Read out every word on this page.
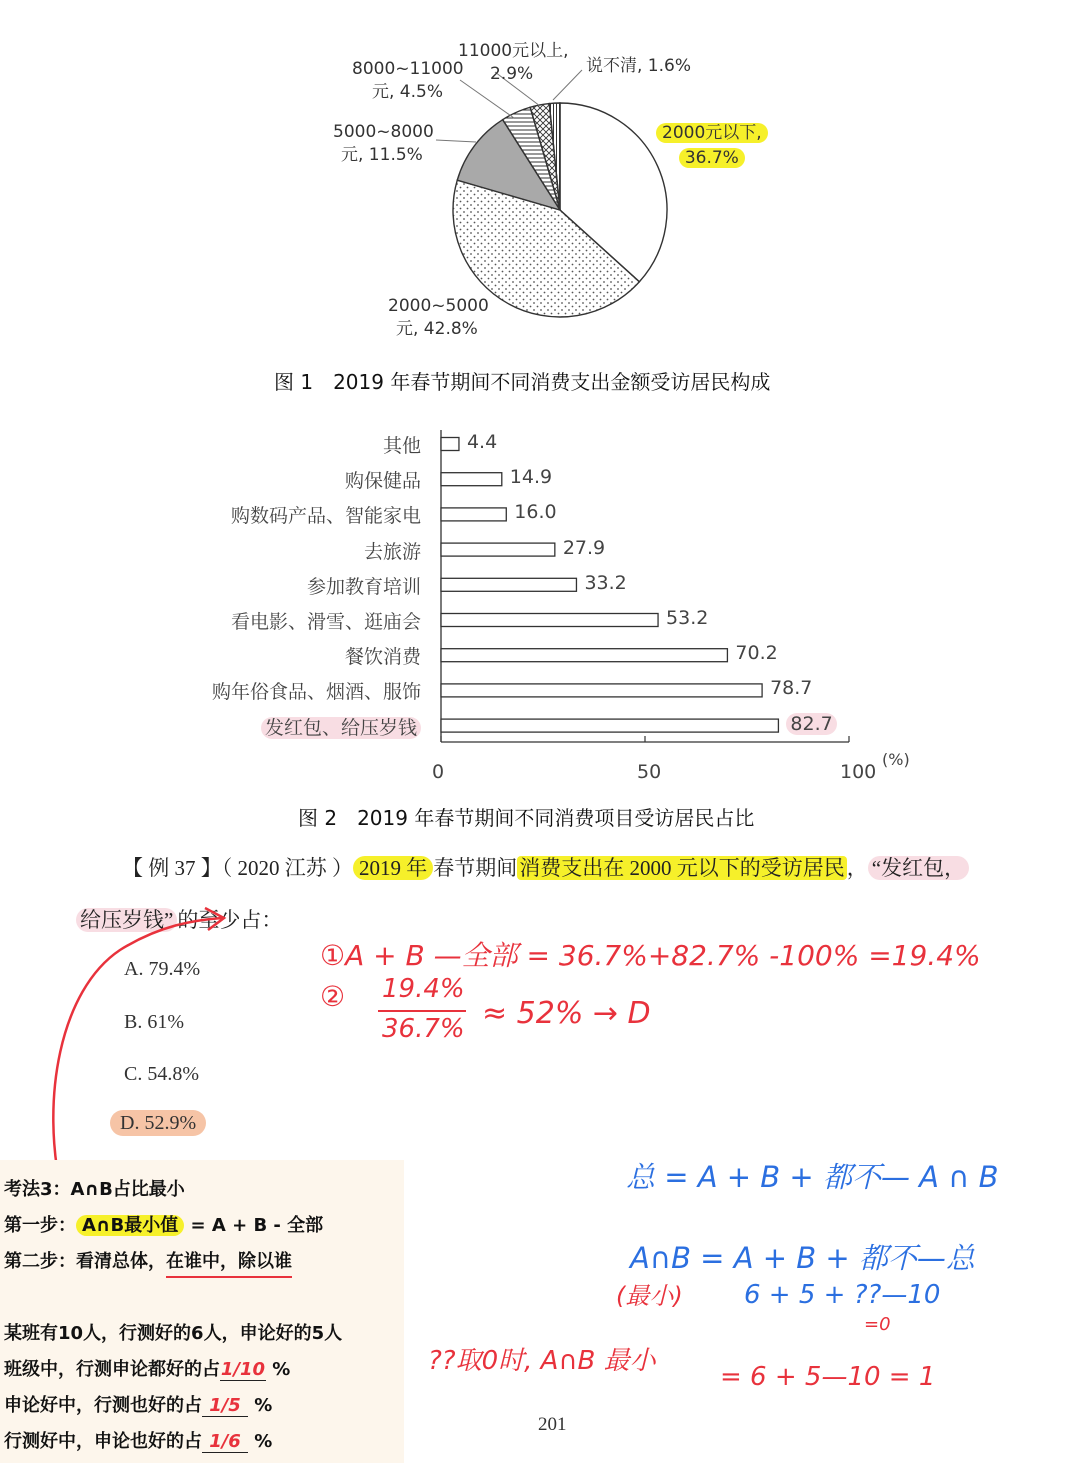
11000元以上,
2.9%	说不清, 1.6%
8000~11000
元, 4.5%
5000~8000
元, 11.5%
2000元以下,
36.7%
2000~5000
元, 42.8%
图 1　2019 年春节期间不同消费支出金额受访居民构成
其他 4.4
购保健品	14.9
购数码产品、智能家电	16.0
去旅游	27.9
参加教育培训	33.2
看电影、滑雪、逛庙会	53.2
餐饮消费	70.2
购年俗食品、烟酒、服饰	78.7
发红包、给压岁钱	82.7
0	50	100
(%)
图 2　2019 年春节期间不同消费项目受访居民占比
【 例 37 】（ 2020 江苏 ） 2019 年 春节期间消费支出在 2000 元以下的受访居民， “发红包，
给压岁钱” 的至少占：
A. 79.4%
B. 61%
C. 54.8%
D. 52.9%
①A + B —全部 = 36.7%+82.7% -100% =19.4%
② 19.4%
36.7% ≈ 52% → D
总 = A + B + 都不— A ∩ B
A∩B = A + B + 都不—总
(最小) 6 + 5 + ??—10
=0
??取0时, A∩B 最小
= 6 + 5—10 = 1
考法3：A∩B占比最小
第一步： A∩B最小值 = A + B - 全部
第二步：看清总体，在谁中，除以谁
某班有10人，行测好的6人，申论好的5人
班级中，行测申论都好的占1/10 %
申论好中，行测也好的占 1/5 %
行测好中，申论也好的占 1/6 %
201
